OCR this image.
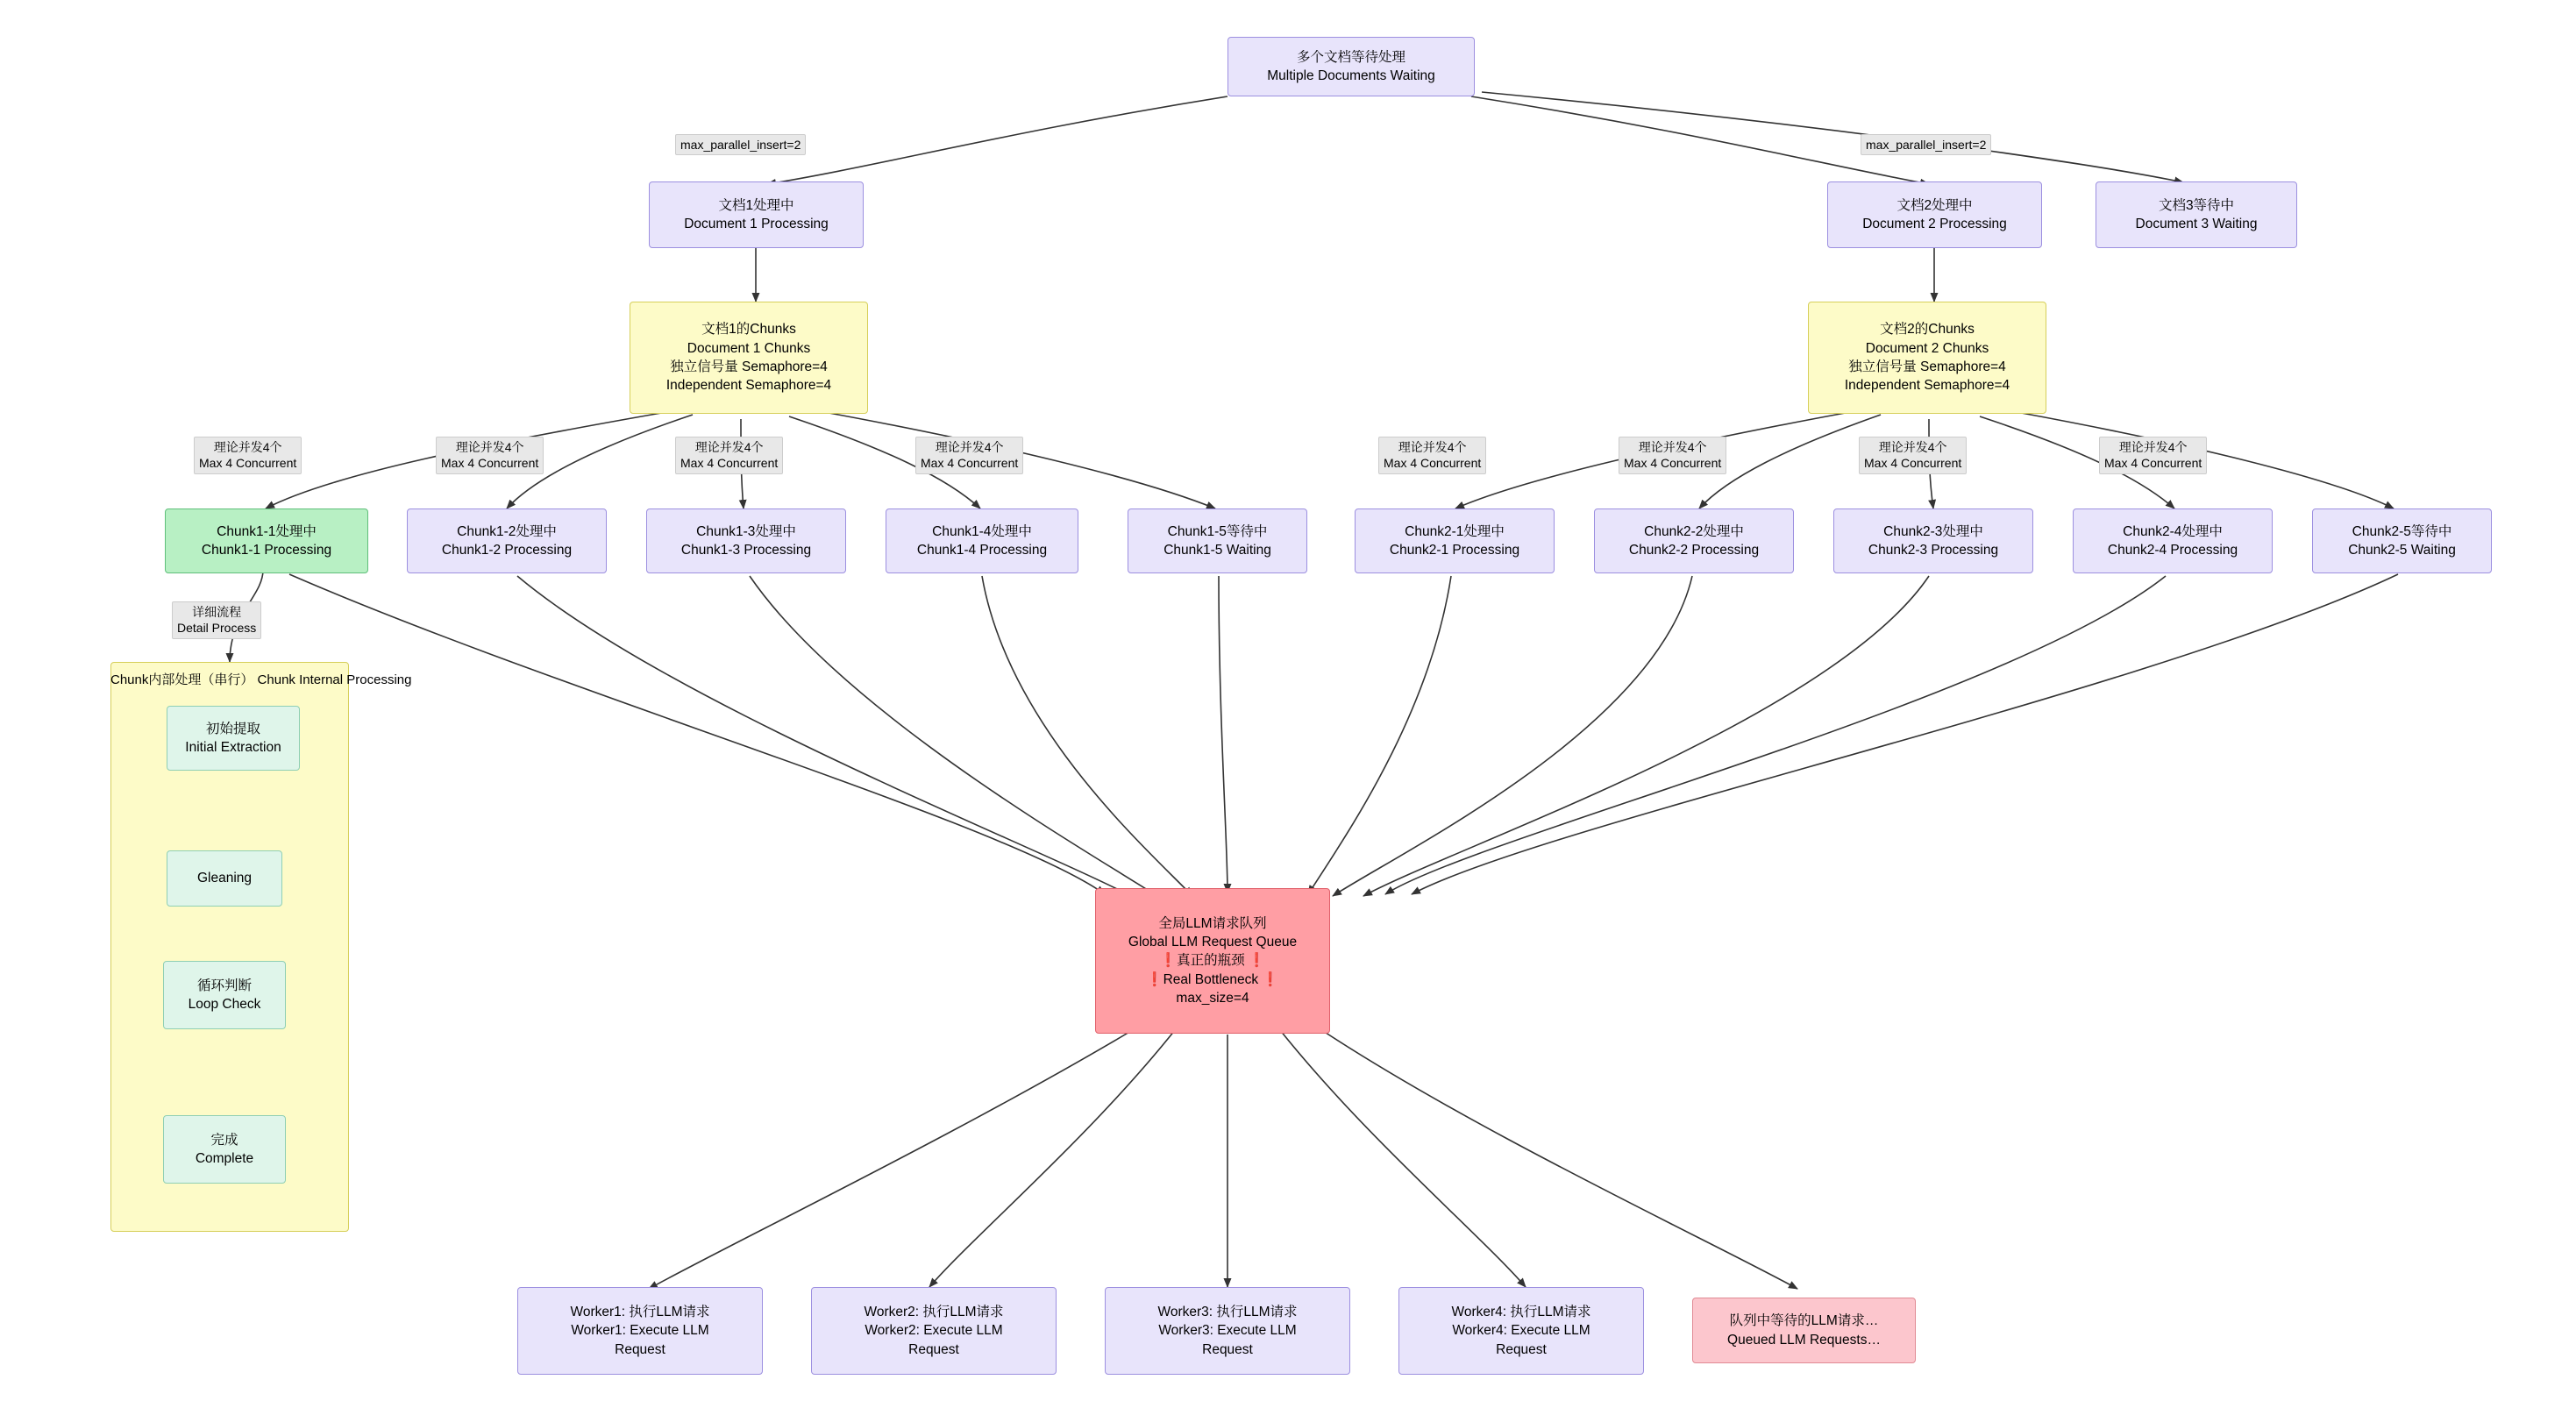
多个文档等待处理
Multiple Documents Waiting
文档1处理中
Document 1 Processing
文档2处理中
Document 2 Processing
文档3等待中
Document 3 Waiting
文档1的Chunks
Document 1 Chunks
独立信号量 Semaphore=4
Independent Semaphore=4
文档2的Chunks
Document 2 Chunks
独立信号量 Semaphore=4
Independent Semaphore=4
Chunk1-1处理中
Chunk1-1 Processing
Chunk1-2处理中
Chunk1-2 Processing
Chunk1-3处理中
Chunk1-3 Processing
Chunk1-4处理中
Chunk1-4 Processing
Chunk1-5等待中
Chunk1-5 Waiting
Chunk2-1处理中
Chunk2-1 Processing
Chunk2-2处理中
Chunk2-2 Processing
Chunk2-3处理中
Chunk2-3 Processing
Chunk2-4处理中
Chunk2-4 Processing
Chunk2-5等待中
Chunk2-5 Waiting
Chunk内部处理（串行） Chunk Internal Processing
初始提取
Initial Extraction
Gleaning
循环判断
Loop Check
完成
Complete
全局LLM请求队列
Global LLM Request Queue
❗真正的瓶颈 ❗
❗Real Bottleneck ❗
max_size=4
Worker1: 执行LLM请求
Worker1: Execute LLM
Request
Worker2: 执行LLM请求
Worker2: Execute LLM
Request
Worker3: 执行LLM请求
Worker3: Execute LLM
Request
Worker4: 执行LLM请求
Worker4: Execute LLM
Request
队列中等待的LLM请求…
Queued LLM Requests…
max_parallel_insert=2	max_parallel_insert=2
理论并发4个
Max 4 Concurrent
理论并发4个
Max 4 Concurrent
理论并发4个
Max 4 Concurrent
理论并发4个
Max 4 Concurrent
理论并发4个
Max 4 Concurrent
理论并发4个
Max 4 Concurrent
理论并发4个
Max 4 Concurrent
理论并发4个
Max 4 Concurrent
详细流程
Detail Process
